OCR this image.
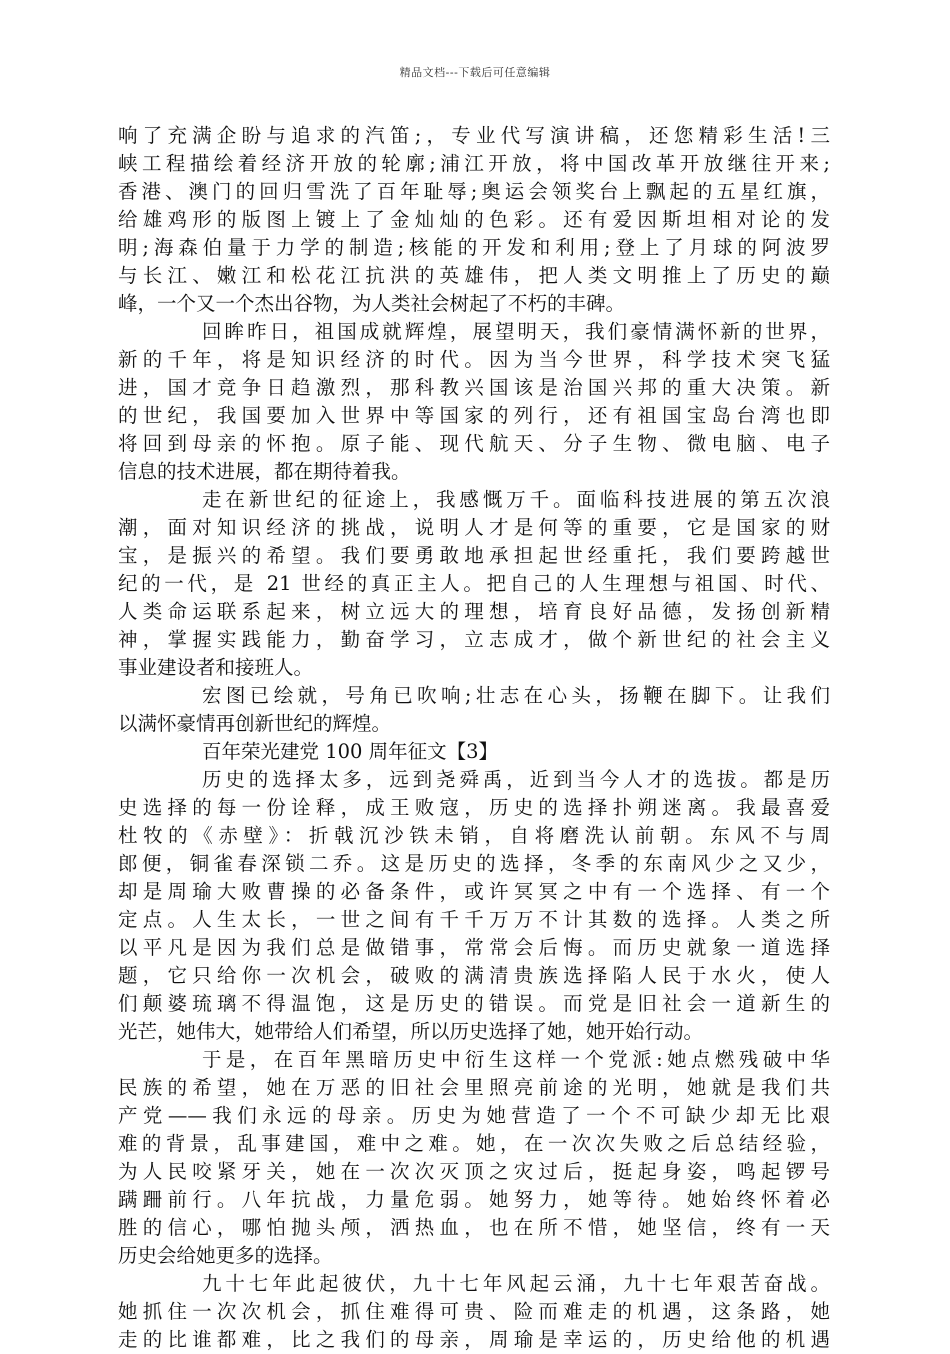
精品文档---下载后可任意编辑
响了充满企盼与追求的汽笛;，专业代写演讲稿，还您精彩生活!三
峡工程描绘着经济开放的轮廓;浦江开放，将中国改革开放继往开来;
香港、澳门的回归雪洗了百年耻辱;奥运会领奖台上飘起的五星红旗，
给雄鸡形的版图上镀上了金灿灿的色彩。还有爱因斯坦相对论的发
明;海森伯量于力学的制造;核能的开发和利用;登上了月球的阿波罗
与长江、嫩江和松花江抗洪的英雄伟，把人类文明推上了历史的巅
峰，一个又一个杰出谷物，为人类社会树起了不朽的丰碑。
回眸昨日，祖国成就辉煌，展望明天，我们豪情满怀新的世界，
新的千年，将是知识经济的时代。因为当今世界，科学技术突飞猛
进，国才竞争日趋激烈，那科教兴国该是治国兴邦的重大决策。新
的世纪，我国要加入世界中等国家的列行，还有祖国宝岛台湾也即
将回到母亲的怀抱。原子能、现代航天、分子生物、微电脑、电子
信息的技术进展，都在期待着我。
走在新世纪的征途上，我感慨万千。面临科技进展的第五次浪
潮，面对知识经济的挑战，说明人才是何等的重要，它是国家的财
宝，是振兴的希望。我们要勇敢地承担起世经重托，我们要跨越世
纪的一代，是 21 世经的真正主人。把自己的人生理想与祖国、时代、
人类命运联系起来，树立远大的理想，培育良好品德，发扬创新精
神，掌握实践能力，勤奋学习，立志成才，做个新世纪的社会主义
事业建设者和接班人。
宏图已绘就，号角已吹响;壮志在心头，扬鞭在脚下。让我们
以满怀豪情再创新世纪的辉煌。
百年荣光建党 100 周年征文【3】
历史的选择太多，远到尧舜禹，近到当今人才的选拔。都是历
史选择的每一份诠释，成王败寇，历史的选择扑朔迷离。我最喜爱
杜牧的《赤壁》：折戟沉沙铁未销，自将磨洗认前朝。东风不与周
郎便，铜雀春深锁二乔。这是历史的选择，冬季的东南风少之又少，
却是周瑜大败曹操的必备条件，或许冥冥之中有一个选择、有一个
定点。人生太长，一世之间有千千万万不计其数的选择。人类之所
以平凡是因为我们总是做错事，常常会后悔。而历史就象一道选择
题，它只给你一次机会，破败的满清贵族选择陷人民于水火，使人
们颠婆琉璃不得温饱，这是历史的错误。而党是旧社会一道新生的
光芒，她伟大，她带给人们希望，所以历史选择了她，她开始行动。
于是，在百年黑暗历史中衍生这样一个党派:她点燃残破中华
民族的希望，她在万恶的旧社会里照亮前途的光明，她就是我们共
产党——我们永远的母亲。历史为她营造了一个不可缺少却无比艰
难的背景，乱事建国，难中之难。她，在一次次失败之后总结经验，
为人民咬紧牙关，她在一次次灭顶之灾过后，挺起身姿，鸣起锣号
蹒跚前行。八年抗战，力量危弱。她努力，她等待。她始终怀着必
胜的信心，哪怕抛头颅，洒热血，也在所不惜，她坚信，终有一天
历史会给她更多的选择。
九十七年此起彼伏，九十七年风起云涌，九十七年艰苦奋战。
她抓住一次次机会，抓住难得可贵、险而难走的机遇，这条路，她
走的比谁都难，比之我们的母亲，周瑜是幸运的，历史给他的机遇
